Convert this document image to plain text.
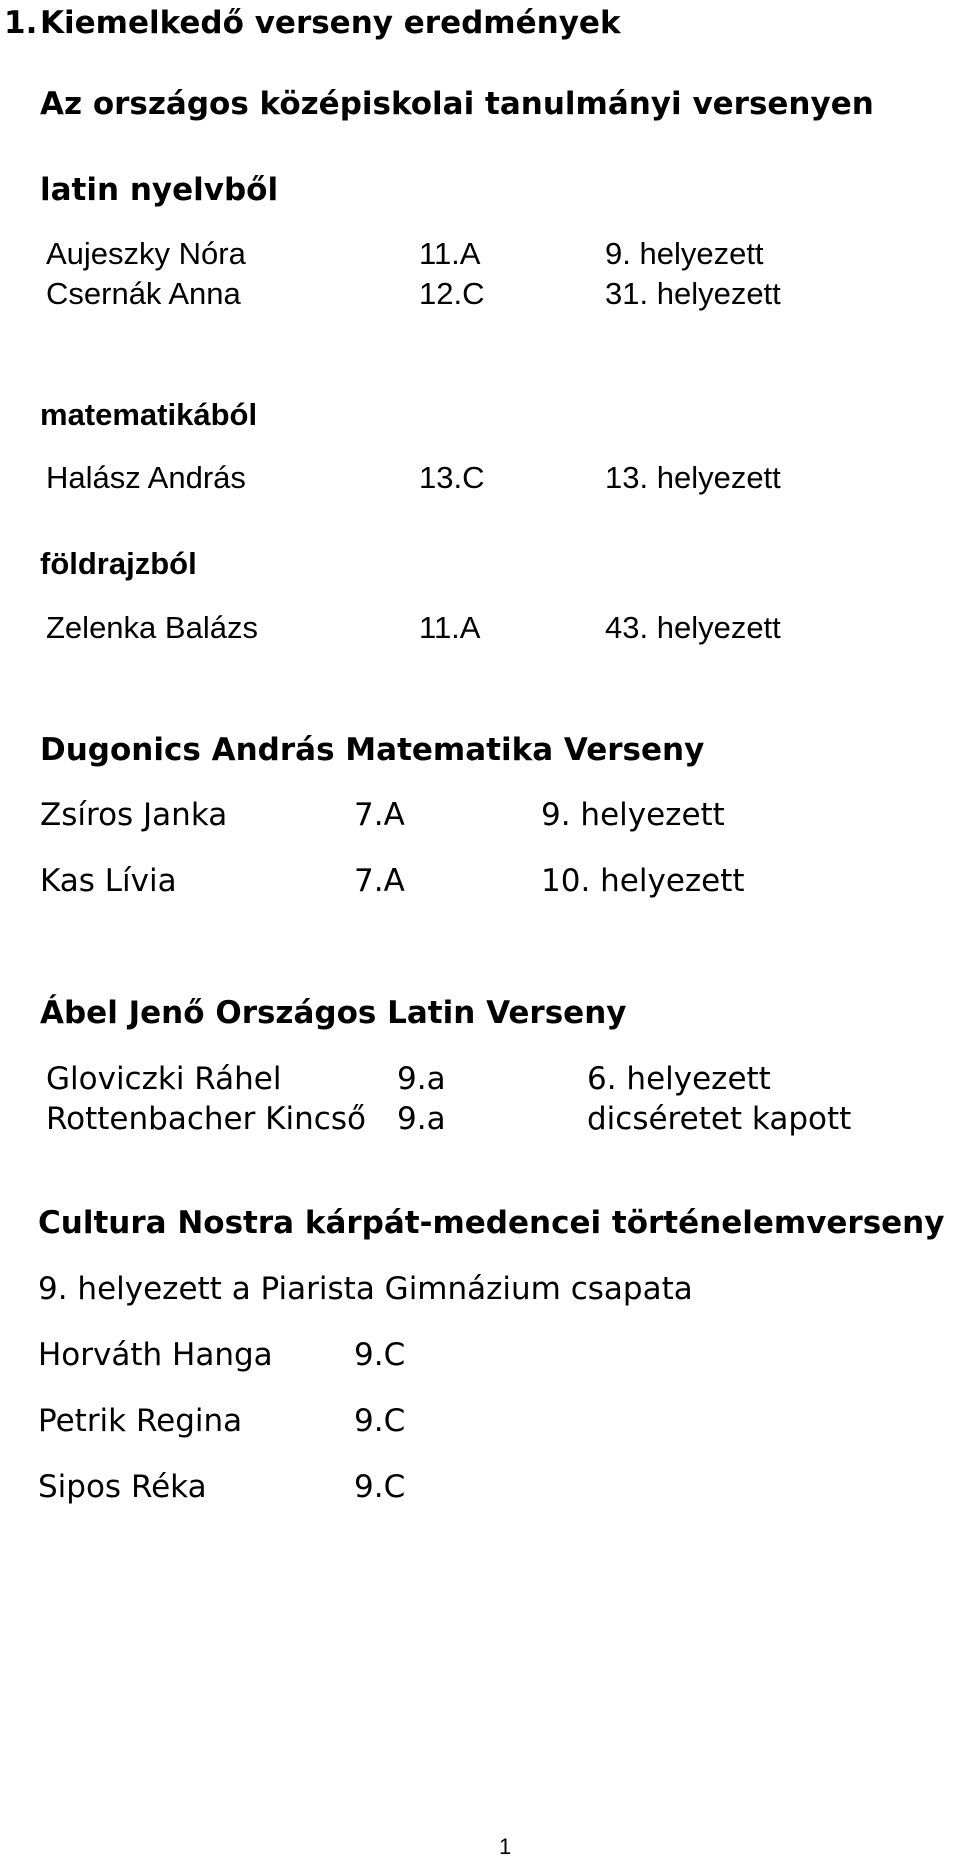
1. Kiemelkedő verseny eredmények
Az országos középiskolai tanulmányi versenyen
latin nyelvből
Aujeszky Nóra	11.A	9. helyezett
Csernák Anna	12.C	31. helyezett
matematikából
Halász András	13.C	13. helyezett
földrajzból
Zelenka Balázs	11.A	43. helyezett
Dugonics András Matematika Verseny
Zsíros Janka	7.A	9. helyezett
Kas Lívia	7.A	10. helyezett
Ábel Jenő Országos Latin Verseny
Gloviczki Ráhel	9.a	6. helyezett
Rottenbacher Kincső 9.a	dicséretet kapott
Cultura Nostra kárpát-medencei történelemverseny
9. helyezett a Piarista Gimnázium csapata
Horváth Hanga	9.C
Petrik Regina	9.C
Sipos Réka	9.C
1
